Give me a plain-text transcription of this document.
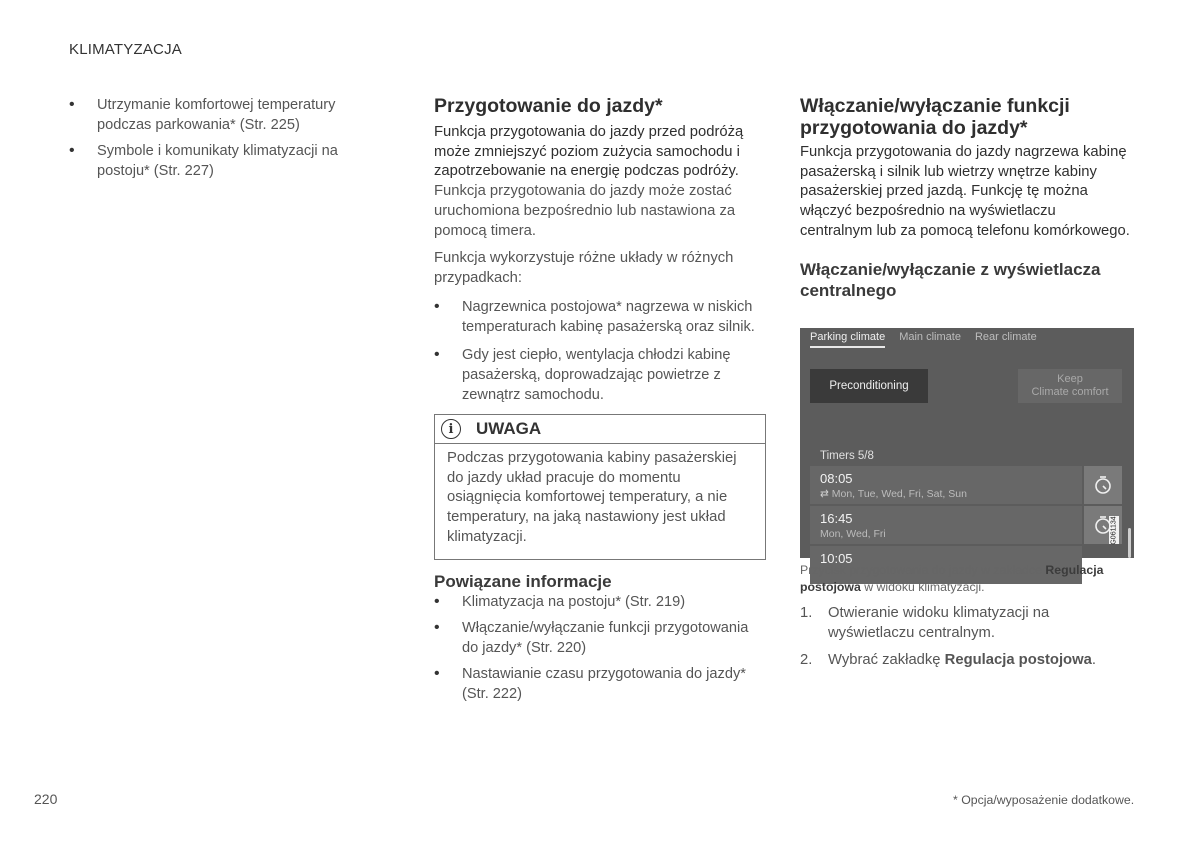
KLIMATYZACJA
• Utrzymanie komfortowej temperatury podczas parkowania* (Str. 225)
• Symbole i komunikaty klimatyzacji na postoju* (Str. 227)
Przygotowanie do jazdy*

Funkcja przygotowania do jazdy przed podróżą może zmniejszyć poziom zużycia samochodu i zapotrzebowanie na energię podczas podróży.

Funkcja przygotowania do jazdy może zostać uruchomiona bezpośrednio lub nastawiona za pomocą timera.

Funkcja wykorzystuje różne układy w różnych przypadkach:

• Nagrzewnica postojowa* nagrzewa w niskich temperaturach kabinę pasażerską oraz silnik.
• Gdy jest ciepło, wentylacja chłodzi kabinę pasażerską, doprowadzając powietrze z zewnątrz samochodu.
i	UWAGA
Podczas przygotowania kabiny pasażerskiej do jazdy układ pracuje do momentu osiągnięcia komfortowej temperatury, a nie temperatury, na jaką nastawiony jest układ klimatyzacji.
Powiązane informacje
• Klimatyzacja na postoju* (Str. 219)
• Włączanie/wyłączanie funkcji przygotowania do jazdy* (Str. 220)
• Nastawianie czasu przygotowania do jazdy* (Str. 222)
Włączanie/wyłączanie funkcji przygotowania do jazdy*

Funkcja przygotowania do jazdy nagrzewa kabinę pasażerską i silnik lub wietrzy wnętrze kabiny pasażerskiej przed jazdą. Funkcję tę można włączyć bezpośrednio na wyświetlaczu centralnym lub za pomocą telefonu komórkowego.

Włączanie/wyłączanie z wyświetlacza centralnego
Parking climate Main climate Rear climate
Preconditioning
Keep
Climate comfort
Timers 5/8
08:05
⇄ Mon, Tue, Wed, Fri, Sat, Sun
16:45
Mon, Wed, Fri
10:05
G061134
Przycisk przygotowania do jazdy w zakładce Regulacja postojowa w widoku klimatyzacji.
1. Otwieranie widoku klimatyzacji na wyświetlaczu centralnym.
2. Wybrać zakładkę Regulacja postojowa.
220	* Opcja/wyposażenie dodatkowe.
